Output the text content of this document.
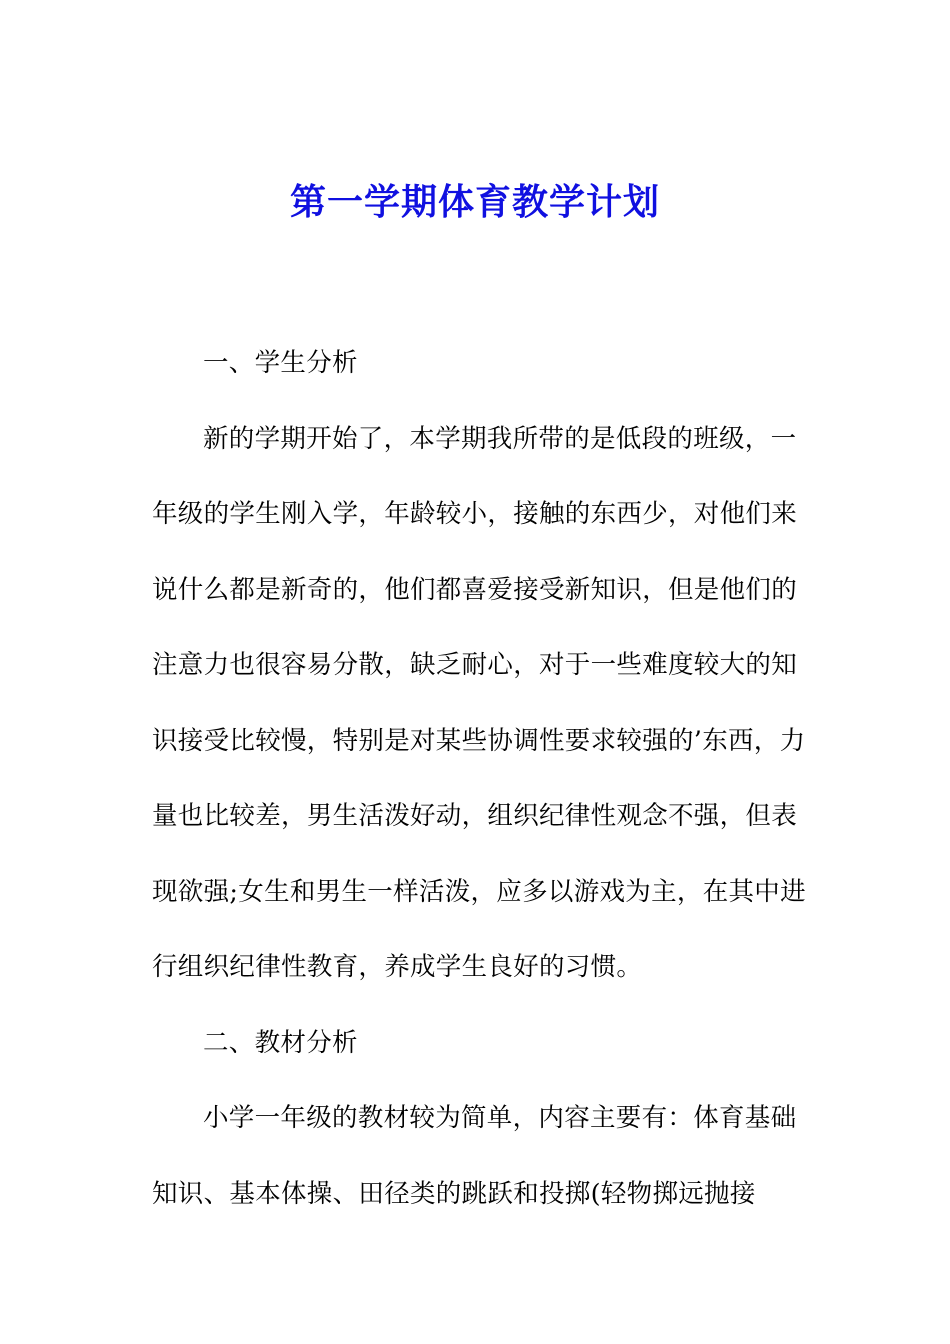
第一学期体育教学计划
一、学生分析
新的学期开始了，本学期我所带的是低段的班级，一
年级的学生刚入学，年龄较小，接触的东西少，对他们来
说什么都是新奇的，他们都喜爱接受新知识，但是他们的
注意力也很容易分散，缺乏耐心，对于一些难度较大的知
识接受比较慢，特别是对某些协调性要求较强的’东西，力
量也比较差，男生活泼好动，组织纪律性观念不强，但表
现欲强;女生和男生一样活泼，应多以游戏为主，在其中进
行组织纪律性教育，养成学生良好的习惯。
二、教材分析
小学一年级的教材较为简单，内容主要有：体育基础
知识、基本体操、田径类的跳跃和投掷(轻物掷远抛接
